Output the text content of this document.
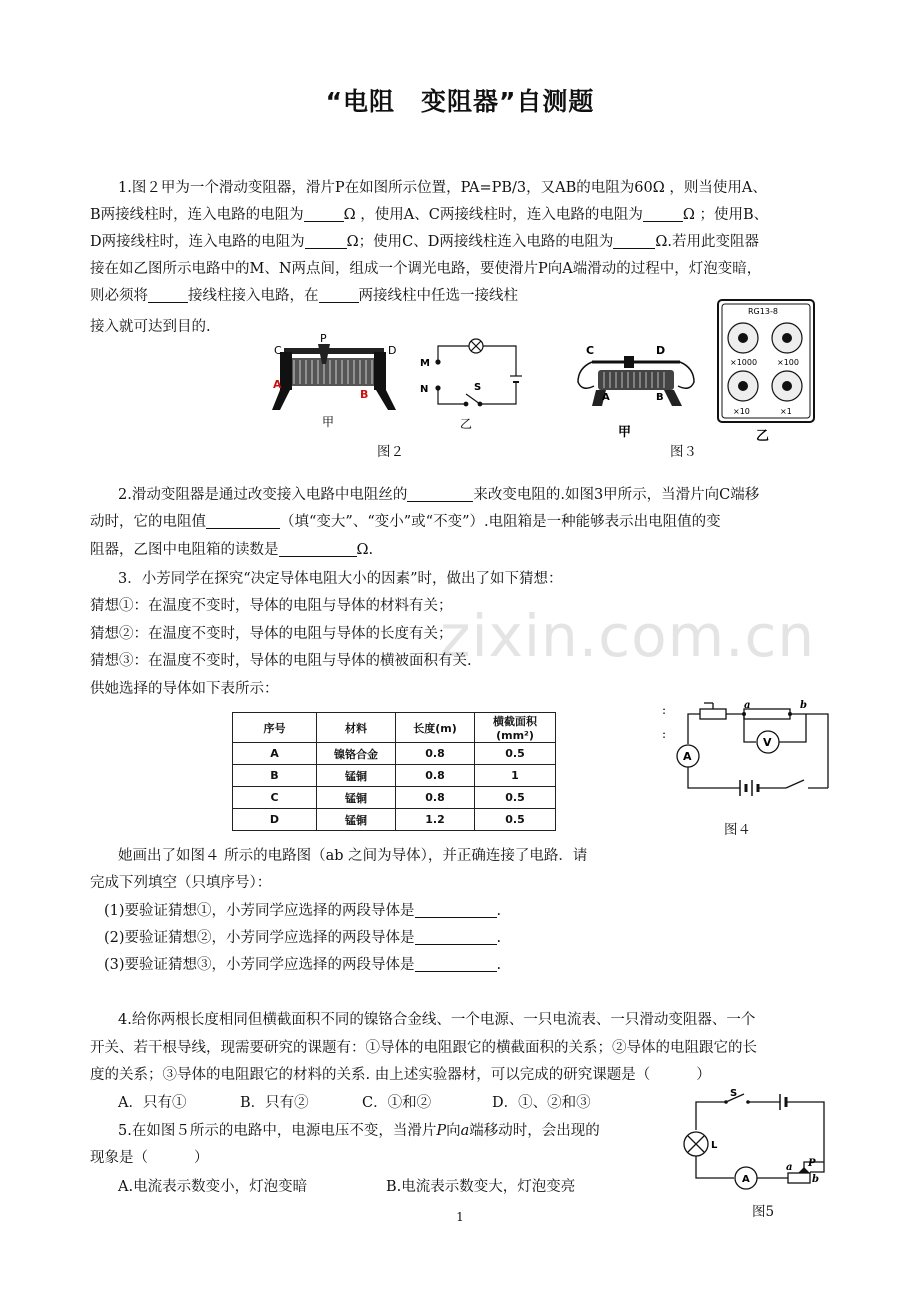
zixin.com.cn
“电阻　变阻器”自测题
1.图２甲为一个滑动变阻器，滑片P在如图所示位置，PA=PB/3，又AB的电阻为60Ω ，则当使用A、
B两接线柱时，连入电路的电阻为	Ω ，使用A、C两接线柱时，连入电路的电阻为	Ω ；使用B、
D两接线柱时，连入电路的电阻为	Ω；使用C、D两接线柱连入电路的电阻为	Ω.若用此变阻器
接在如乙图所示电路中的M、N两点间，组成一个调光电路，要使滑片P向A端滑动的过程中，灯泡变暗，
则必须将	接线柱接入电路，在	两接线柱中任选一接线柱
接入就可达到目的.
C
P
D
A
B
甲
M
N	S
乙
图２
C	D
A	B
甲
RG13-8
×1000 ×100
×10	×1
乙
图３
2.滑动变阻器是通过改变接入电路中电阻丝的	来改变电阻的.如图3甲所示，当滑片向C端移
动时，它的电阻值	（填“变大”、“变小”或“不变”）.电阻箱是一种能够表示出电阻值的变
阻器，乙图中电阻箱的读数是	Ω.
3．小芳同学在探究“决定导体电阻大小的因素”时，做出了如下猜想：
猜想①：在温度不变时，导体的电阻与导体的材料有关；
猜想②：在温度不变时，导体的电阻与导体的长度有关；
猜想③：在温度不变时，导体的电阻与导体的横被面积有关.
供她选择的导体如下表所示：
序号	材料	长度(m)	横截面积(mm²)
A	镍铬合金	0.8	0.5
B	锰铜	0.8	1
C	锰铜	0.8	0.5
D	锰铜	1.2	0.5
:
:
a	b
V
A
图４
她画出了如图４ 所示的电路图（ab 之间为导体），并正确连接了电路．请
完成下列填空（只填序号）：
(1)要验证猜想①，小芳同学应选择的两段导体是	.
(2)要验证猜想②，小芳同学应选择的两段导体是	.
(3)要验证猜想③，小芳同学应选择的两段导体是	.
4.给你两根长度相同但横截面积不同的镍铬合金线、一个电源、一只电流表、一只滑动变阻器、一个
开关、若干根导线，现需要研究的课题有：①导体的电阻跟它的横截面积的关系；②导体的电阻跟它的长
度的关系；③导体的电阻跟它的材料的关系. 由上述实验器材，可以完成的研究课题是（	）
A．只有①	B．只有②	C．①和②	D．①、②和③
5.在如图５所示的电路中，电源电压不变，当滑片P向a端移动时，会出现的
现象是（	）
A.电流表示数变小，灯泡变暗	B.电流表示数变大，灯泡变亮
S
L
A
a P
b
图5
1
